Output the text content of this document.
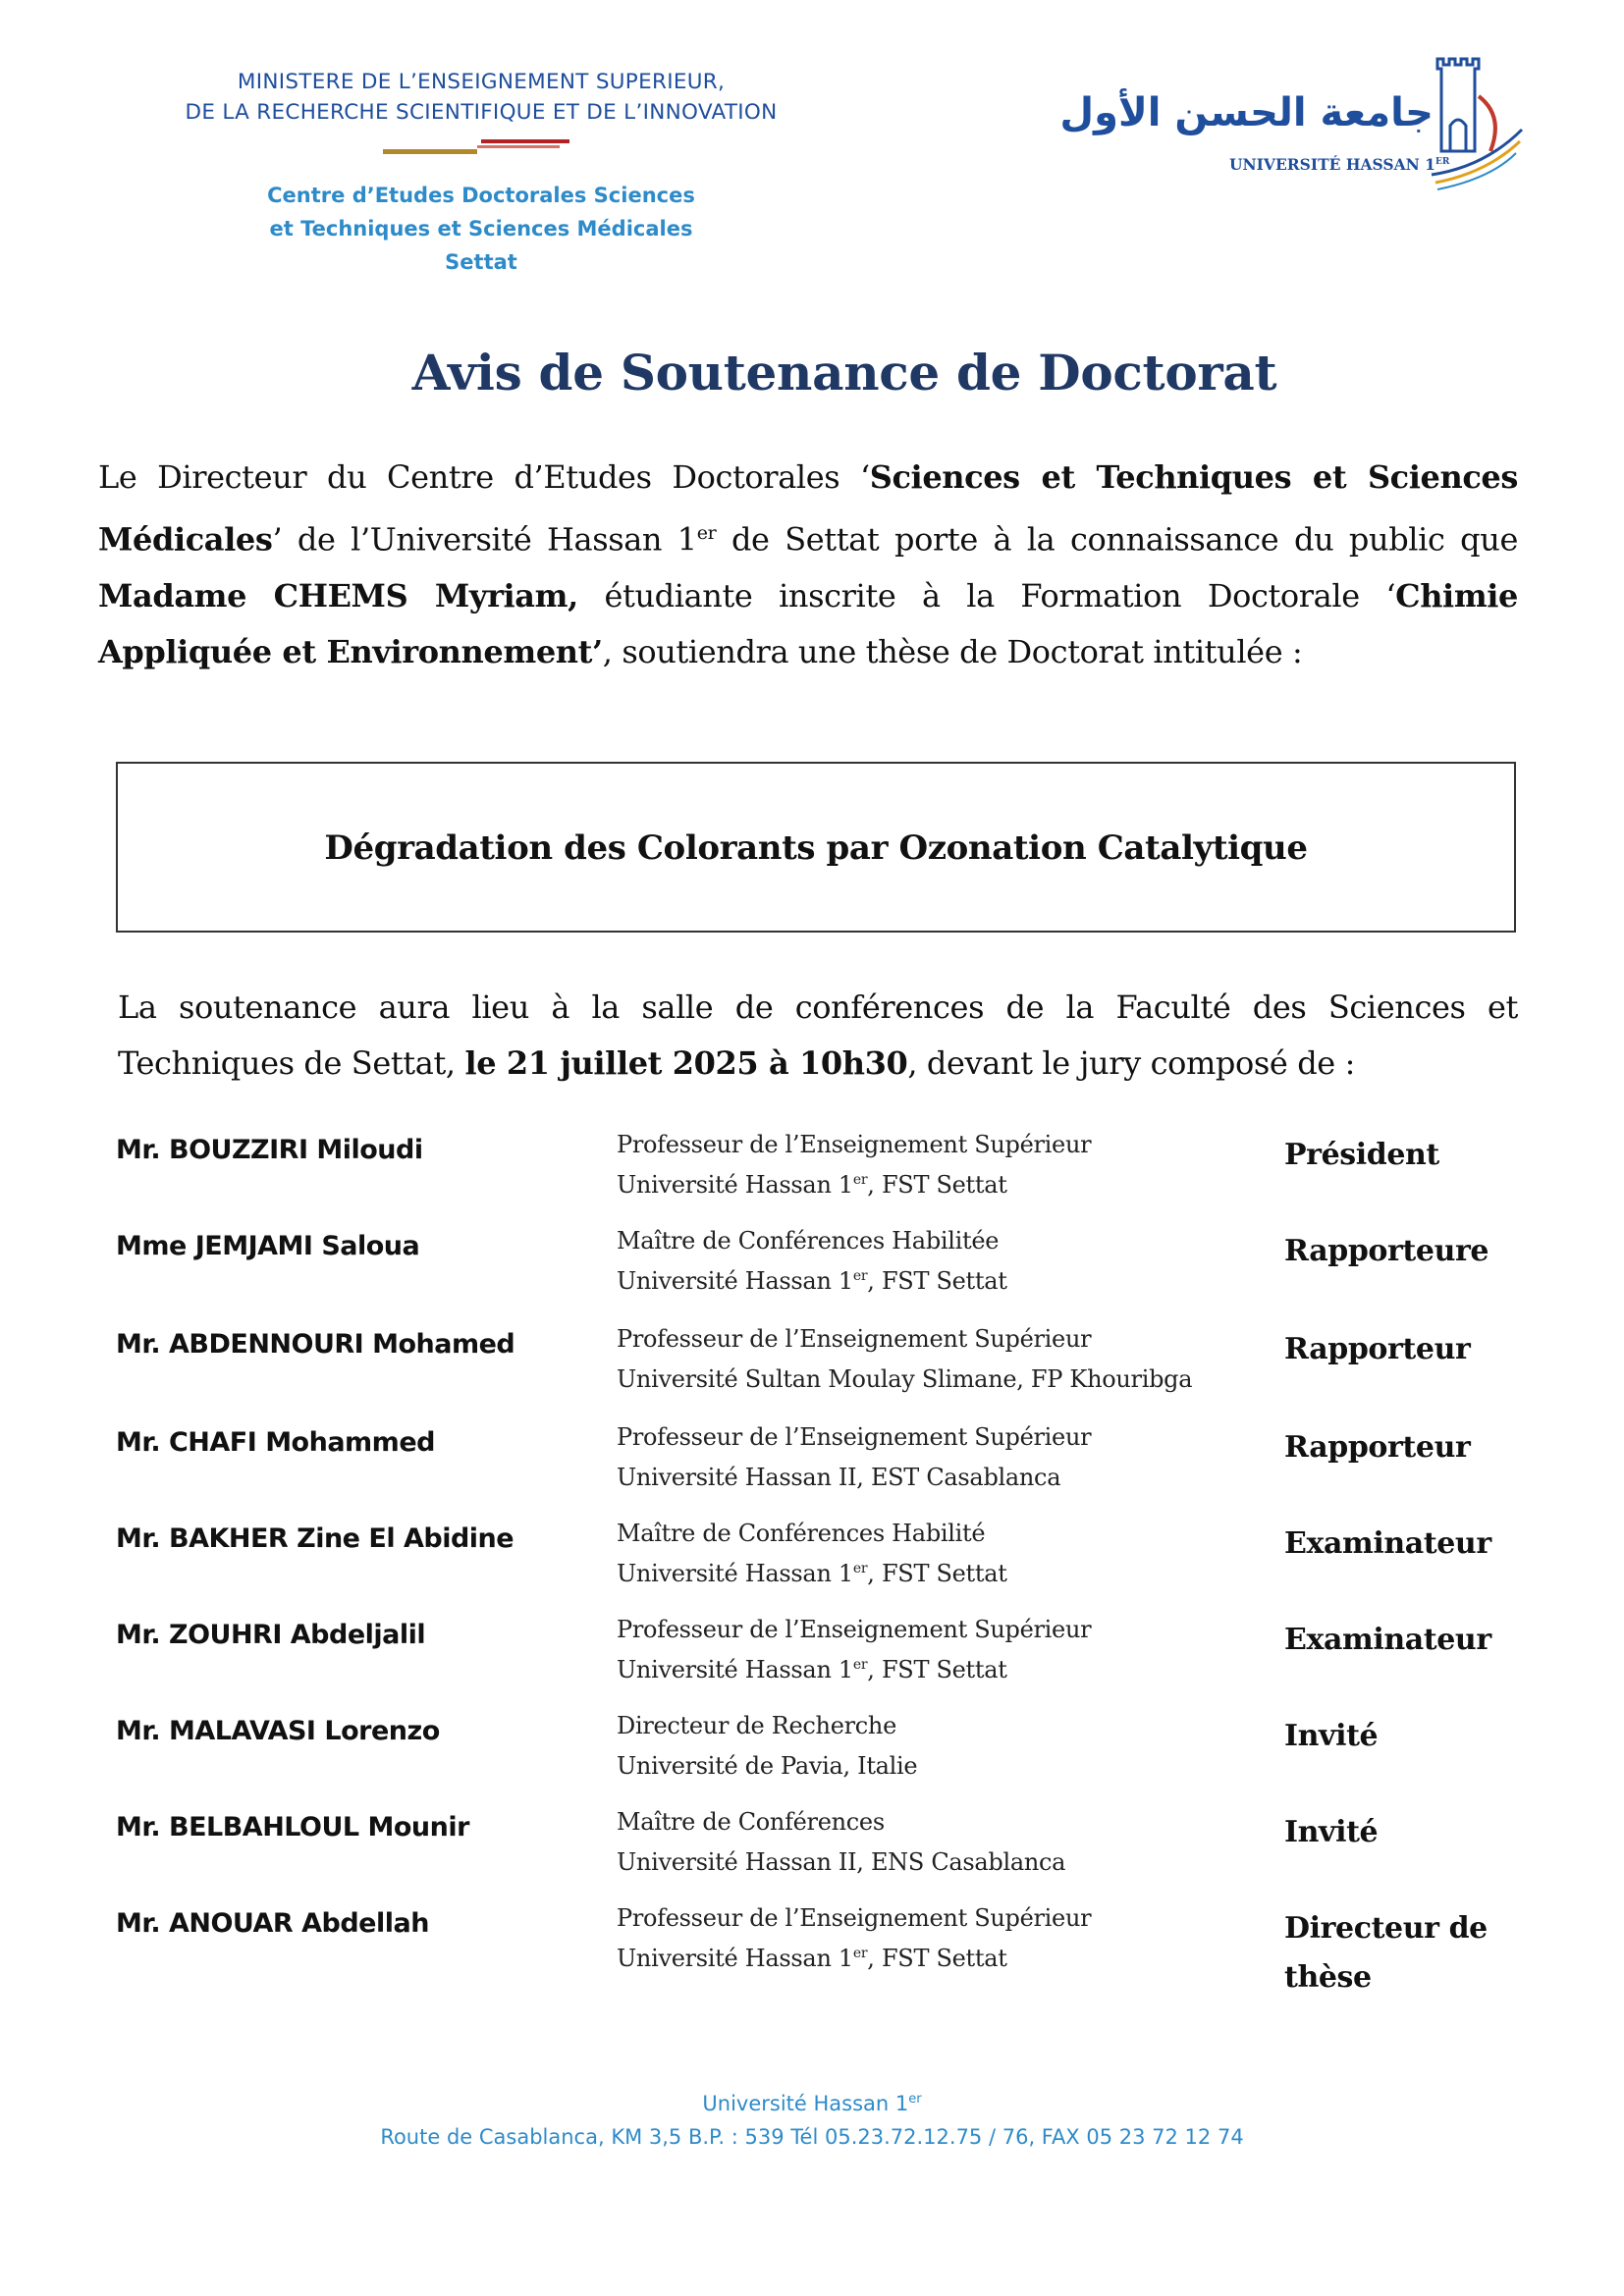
MINISTERE DE L’ENSEIGNEMENT SUPERIEUR,
DE LA RECHERCHE SCIENTIFIQUE ET DE L’INNOVATION
Centre d’Etudes Doctorales Sciences
et Techniques et Sciences Médicales
Settat
جامعة الحسن الأول
UNIVERSITÉ HASSAN 1ER
Avis de Soutenance de Doctorat
Le Directeur du Centre d’Etudes Doctorales ‘Sciences et Techniques et Sciences Médicales’ de l’Université Hassan 1er de Settat porte à la connaissance du public que Madame CHEMS Myriam, étudiante inscrite à la Formation Doctorale ‘Chimie Appliquée et Environnement’, soutiendra une thèse de Doctorat intitulée :
Dégradation des Colorants par Ozonation Catalytique
La soutenance aura lieu à la salle de conférences de la Faculté des Sciences et Techniques de Settat, le 21 juillet 2025 à 10h30, devant le jury composé de :
Mr. BOUZZIRI Miloudi	Professeur de l’Enseignement Supérieur
Université Hassan 1er, FST Settat
Président
Mme JEMJAMI Saloua	Maître de Conférences Habilitée
Université Hassan 1er, FST Settat
Rapporteure
Mr. ABDENNOURI Mohamed	Professeur de l’Enseignement Supérieur
Université Sultan Moulay Slimane, FP Khouribga
Rapporteur
Mr. CHAFI Mohammed	Professeur de l’Enseignement Supérieur
Université Hassan II, EST Casablanca
Rapporteur
Mr. BAKHER Zine El Abidine	Maître de Conférences Habilité
Université Hassan 1er, FST Settat
Examinateur
Mr. ZOUHRI Abdeljalil	Professeur de l’Enseignement Supérieur
Université Hassan 1er, FST Settat
Examinateur
Mr. MALAVASI Lorenzo	Directeur de Recherche
Université de Pavia, Italie
Invité
Mr. BELBAHLOUL Mounir	Maître de Conférences
Université Hassan II, ENS Casablanca
Invité
Mr. ANOUAR Abdellah	Professeur de l’Enseignement Supérieur
Université Hassan 1er, FST Settat
Directeur de thèse
Université Hassan 1er
Route de Casablanca, KM 3,5 B.P. : 539 Tél 05.23.72.12.75 / 76, FAX 05 23 72 12 74
